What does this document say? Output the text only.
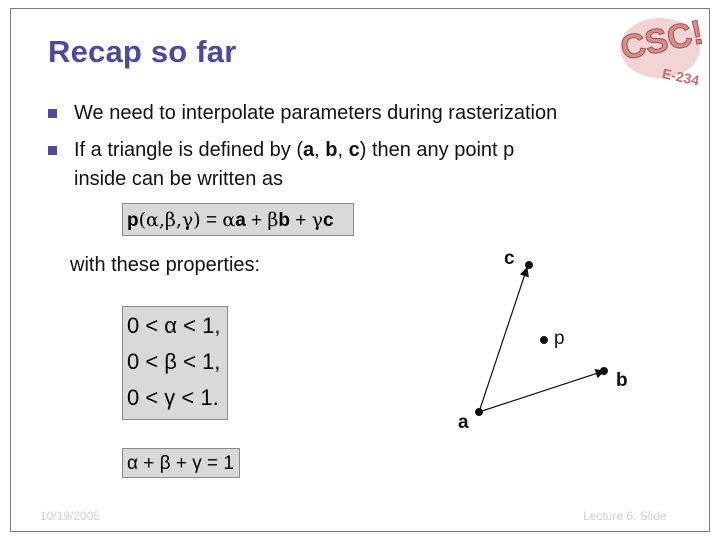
Recap so far	CSC!
E-234
We need to interpolate parameters during rasterization
If a triangle is defined by (a, b, c) then any point p
inside can be written as
p(α,β,γ) = αa + βb + γc
with these properties:
0 < α < 1,
0 < β < 1,
0 < γ < 1.
α + β + γ = 1
a
b
c
p
10/19/2005	Lecture 6: Slide
